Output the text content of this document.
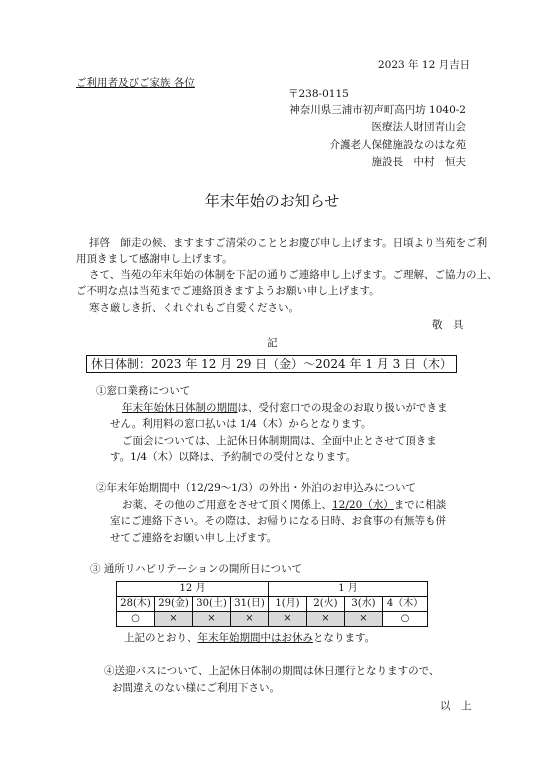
2023 年 12 月吉日
ご利用者及びご家族 各位
〒238-0115
神奈川県三浦市初声町高円坊 1040-2
医療法人財団青山会
介護老人保健施設なのはな苑
施設長　中村　恒夫
年末年始のお知らせ
拝啓　師走の候、ますますご清栄のこととお慶び申し上げます。日頃より当苑をご利
用頂きまして感謝申し上げます。
さて、当苑の年末年始の体制を下記の通りご連絡申し上げます。ご理解、ご協力の上、
ご不明な点は当苑までご連絡頂きますようお願い申し上げます。
寒さ厳しき折、くれぐれもご自愛ください。
敬　具
記
休日体制：2023 年 12 月 29 日（金）～2024 年 1 月 3 日（木）
①窓口業務について
年末年始休日体制の期間は、受付窓口での現金のお取り扱いができま
せん。利用料の窓口払いは 1/4（木）からとなります。
ご面会については、上記休日体制期間は、全面中止とさせて頂きま
す。1/4（木）以降は、予約制での受付となります。
②年末年始期間中（12/29～1/3）の外出・外泊のお申込みについて
お薬、その他のご用意をさせて頂く関係上、12/20（水）までに相談
室にご連絡下さい。その際は、お帰りになる日時、お食事の有無等も併
せてご連絡をお願い申し上げます。
③ 通所リハビリテーションの開所日について
12 月				1 月			
28(木)	29(金)	30(土)	31(日)	1(月)	2(火)	3(水)	4（木）
○	×	×	×	×	×	×	○
上記のとおり、年末年始期間中はお休みとなります。
④送迎バスについて、上記休日体制の期間は休日運行となりますので、
お間違えのない様にご利用下さい。
以　上
